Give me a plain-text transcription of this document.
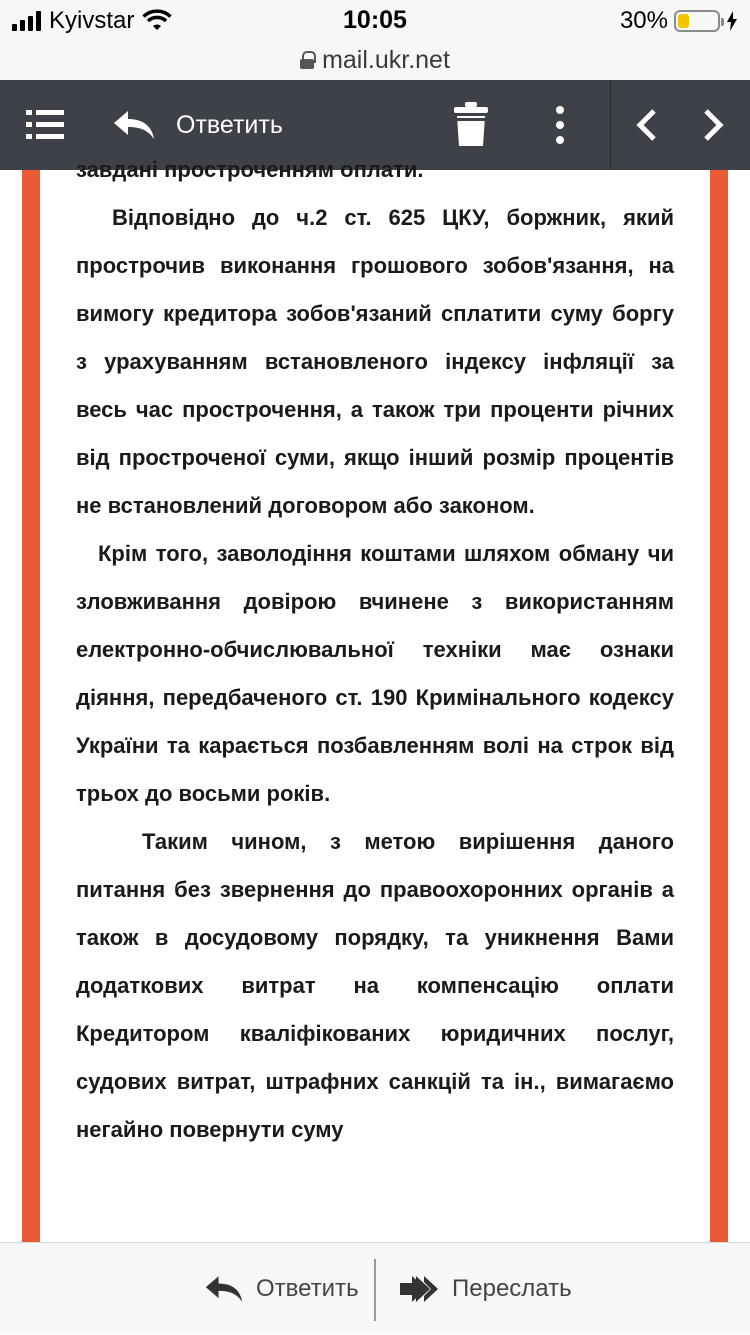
Kyivstar	10:05	30%
mail.ukr.net
Ответить

завдані простроченням оплати.

Відповідно до ч.2 ст. 625 ЦКУ, боржник, який прострочив виконання грошового зобов'язання, на вимогу кредитора зобов'язаний сплатити суму боргу з урахуванням встановленого індексу інфляції за весь час прострочення, а також три проценти річних від простроченої суми, якщо інший розмір процентів не встановлений договором або законом.

Крім того, заволодіння коштами шляхом обману чи зловживання довірою вчинене з використанням електронно-обчислювальної техніки має ознаки діяння, передбаченого ст. 190 Кримінального кодексу України та карається позбавленням волі на строк від трьох до восьми років.

Таким чином, з метою вирішення даного питання без звернення до правоохоронних органів а також в досудовому порядку, та уникнення Вами додаткових витрат на компенсацію оплати Кредитором кваліфікованих юридичних послуг, судових витрат, штрафних санкцій та ін., вимагаємо негайно повернути суму

Ответить	Переслать
